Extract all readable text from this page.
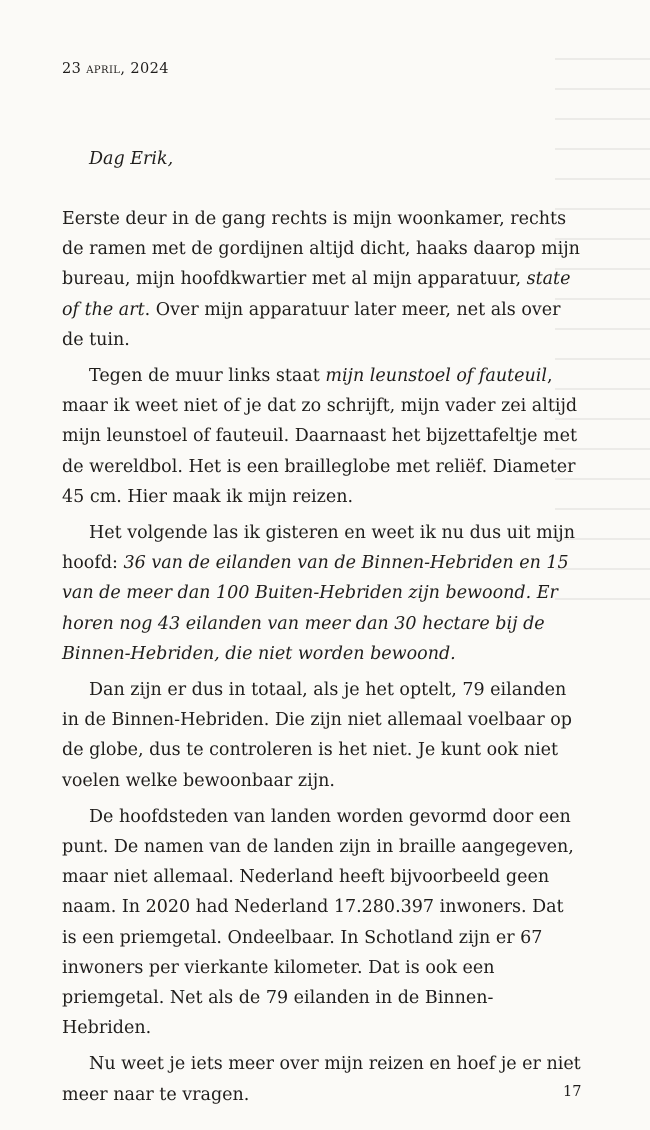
23 april, 2024
Dag Erik,

Eerste deur in de gang rechts is mijn woonkamer, rechts de ramen met de gordijnen altijd dicht, haaks daarop mijn bureau, mijn hoofdkwartier met al mijn apparatuur, state of the art. Over mijn apparatuur later meer, net als over de tuin.

Tegen de muur links staat mijn leunstoel of fauteuil, maar ik weet niet of je dat zo schrijft, mijn vader zei altijd mijn leunstoel of fauteuil. Daarnaast het bijzettafeltje met de wereldbol. Het is een brailleglobe met reliëf. Diameter 45 cm. Hier maak ik mijn reizen.

Het volgende las ik gisteren en weet ik nu dus uit mijn hoofd: 36 van de eilanden van de Binnen-Hebriden en 15 van de meer dan 100 Buiten-Hebriden zijn bewoond. Er horen nog 43 eilanden van meer dan 30 hectare bij de Binnen-Hebriden, die niet worden bewoond.

Dan zijn er dus in totaal, als je het optelt, 79 eilanden in de Binnen-Hebriden. Die zijn niet allemaal voelbaar op de globe, dus te controleren is het niet. Je kunt ook niet voelen welke bewoonbaar zijn.

De hoofdsteden van landen worden gevormd door een punt. De namen van de landen zijn in braille aangegeven, maar niet allemaal. Nederland heeft bijvoorbeeld geen naam. In 2020 had Nederland 17.280.397 inwoners. Dat is een priemgetal. Ondeelbaar. In Schotland zijn er 67 inwoners per vierkante kilometer. Dat is ook een priemgetal. Net als de 79 eilanden in de Binnen-Hebriden.

Nu weet je iets meer over mijn reizen en hoef je er niet meer naar te vragen.	17
